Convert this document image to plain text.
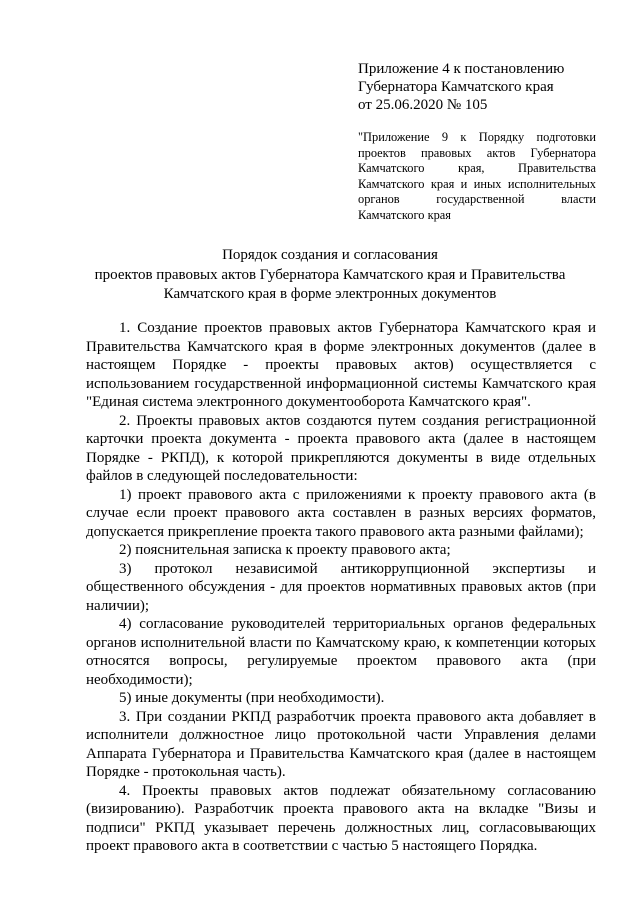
Приложение 4 к постановлению
Губернатора Камчатского края
от 25.06.2020 № 105
"Приложение 9 к Порядку подготовки проектов правовых актов Губернатора Камчатского края, Правительства Камчатского края и иных исполнительных органов государственной власти Камчатского края
Порядок создания и согласования
проектов правовых актов Губернатора Камчатского края и Правительства
Камчатского края в форме электронных документов

1. Создание проектов правовых актов Губернатора Камчатского края и Правительства Камчатского края в форме электронных документов (далее в настоящем Порядке - проекты правовых актов) осуществляется с использованием государственной информационной системы Камчатского края "Единая система электронного документооборота Камчатского края".

2. Проекты правовых актов создаются путем создания регистрационной карточки проекта документа - проекта правового акта (далее в настоящем Порядке - РКПД), к которой прикрепляются документы в виде отдельных файлов в следующей последовательности:

1) проект правового акта с приложениями к проекту правового акта (в случае если проект правового акта составлен в разных версиях форматов, допускается прикрепление проекта такого правового акта разными файлами);

2) пояснительная записка к проекту правового акта;

3) протокол независимой антикоррупционной экспертизы и общественного обсуждения - для проектов нормативных правовых актов (при наличии);

4) согласование руководителей территориальных органов федеральных органов исполнительной власти по Камчатскому краю, к компетенции которых относятся вопросы, регулируемые проектом правового акта (при необходимости);

5) иные документы (при необходимости).

3. При создании РКПД разработчик проекта правового акта добавляет в исполнители должностное лицо протокольной части Управления делами Аппарата Губернатора и Правительства Камчатского края (далее в настоящем Порядке - протокольная часть).

4. Проекты правовых актов подлежат обязательному согласованию (визированию). Разработчик проекта правового акта на вкладке "Визы и подписи" РКПД указывает перечень должностных лиц, согласовывающих проект правового акта в соответствии с частью 5 настоящего Порядка.
